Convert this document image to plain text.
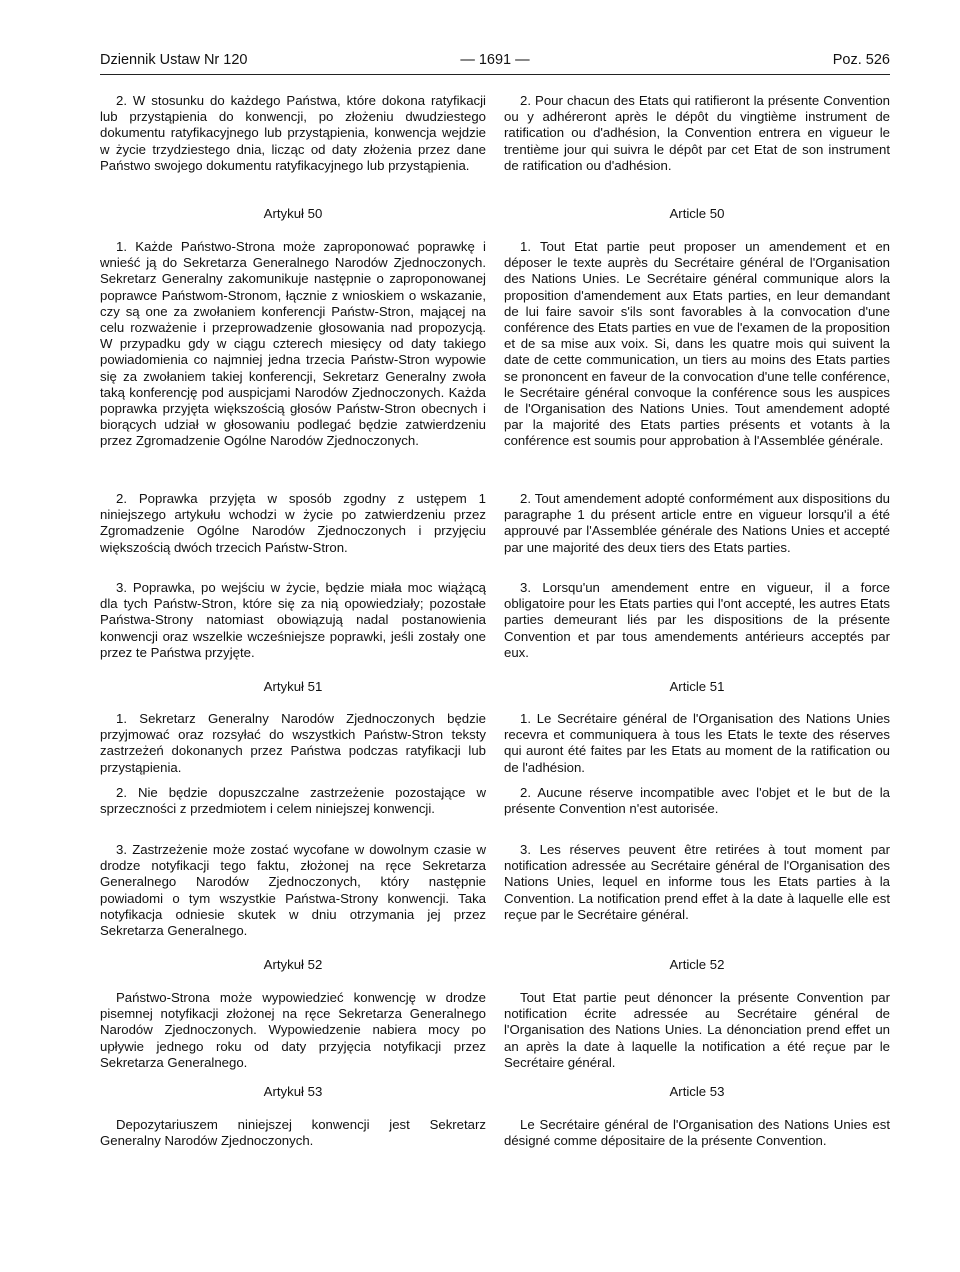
Dziennik Ustaw Nr 120	— 1691 —	Poz. 526

2. W stosunku do każdego Państwa, które dokona ratyfikacji lub przystąpienia do konwencji, po złożeniu dwudziestego dokumentu ratyfikacyjnego lub przystąpienia, konwencja wejdzie w życie trzydziestego dnia, licząc od daty złożenia przez dane Państwo swojego dokumentu ratyfikacyjnego lub przystąpienia.

Artykuł 50

1. Każde Państwo-Strona może zaproponować poprawkę i wnieść ją do Sekretarza Generalnego Narodów Zjednoczonych. Sekretarz Generalny zakomunikuje następnie o zaproponowanej poprawce Państwom-Stronom, łącznie z wnioskiem o wskazanie, czy są one za zwołaniem konferencji Państw-Stron, mającej na celu rozważenie i przeprowadzenie głosowania nad propozycją. W przypadku gdy w ciągu czterech miesięcy od daty takiego powiadomienia co najmniej jedna trzecia Państw-Stron wypowie się za zwołaniem takiej konferencji, Sekretarz Generalny zwoła taką konferencję pod auspicjami Narodów Zjednoczonych. Każda poprawka przyjęta większością głosów Państw-Stron obecnych i biorących udział w głosowaniu podlegać będzie zatwierdzeniu przez Zgromadzenie Ogólne Narodów Zjednoczonych.

2. Poprawka przyjęta w sposób zgodny z ustępem 1 niniejszego artykułu wchodzi w życie po zatwierdzeniu przez Zgromadzenie Ogólne Narodów Zjednoczonych i przyjęciu większością dwóch trzecich Państw-Stron.

3. Poprawka, po wejściu w życie, będzie miała moc wiążącą dla tych Państw-Stron, które się za nią opowiedziały; pozostałe Państwa-Strony natomiast obowiązują nadal postanowienia konwencji oraz wszelkie wcześniejsze poprawki, jeśli zostały one przez te Państwa przyjęte.

Artykuł 51

1. Sekretarz Generalny Narodów Zjednoczonych będzie przyjmować oraz rozsyłać do wszystkich Państw-Stron teksty zastrzeżeń dokonanych przez Państwa podczas ratyfikacji lub przystąpienia.

2. Nie będzie dopuszczalne zastrzeżenie pozostające w sprzeczności z przedmiotem i celem niniejszej konwencji.

3. Zastrzeżenie może zostać wycofane w dowolnym czasie w drodze notyfikacji tego faktu, złożonej na ręce Sekretarza Generalnego Narodów Zjednoczonych, który następnie powiadomi o tym wszystkie Państwa-Strony konwencji. Taka notyfikacja odniesie skutek w dniu otrzymania jej przez Sekretarza Generalnego.

Artykuł 52

Państwo-Strona może wypowiedzieć konwencję w drodze pisemnej notyfikacji złożonej na ręce Sekretarza Generalnego Narodów Zjednoczonych. Wypowiedzenie nabiera mocy po upływie jednego roku od daty przyjęcia notyfikacji przez Sekretarza Generalnego.

Artykuł 53

Depozytariuszem niniejszej konwencji jest Sekretarz Generalny Narodów Zjednoczonych.

2. Pour chacun des Etats qui ratifieront la présente Convention ou y adhéreront après le dépôt du vingtième instrument de ratification ou d'adhésion, la Convention entrera en vigueur le trentième jour qui suivra le dépôt par cet Etat de son instrument de ratification ou d'adhésion.

Article 50

1. Tout Etat partie peut proposer un amendement et en déposer le texte auprès du Secrétaire général de l'Organisation des Nations Unies. Le Secrétaire général communique alors la proposition d'amendement aux Etats parties, en leur demandant de lui faire savoir s'ils sont favorables à la convocation d'une conférence des Etats parties en vue de l'examen de la proposition et de sa mise aux voix. Si, dans les quatre mois qui suivent la date de cette communication, un tiers au moins des Etats parties se prononcent en faveur de la convocation d'une telle conférence, le Secrétaire général convoque la conférence sous les auspices de l'Organisation des Nations Unies. Tout amendement adopté par la majorité des Etats parties présents et votants à la conférence est soumis pour approbation à l'Assemblée générale.

2. Tout amendement adopté conformément aux dispositions du paragraphe 1 du présent article entre en vigueur lorsqu'il a été approuvé par l'Assemblée générale des Nations Unies et accepté par une majorité des deux tiers des Etats parties.

3. Lorsqu'un amendement entre en vigueur, il a force obligatoire pour les Etats parties qui l'ont accepté, les autres Etats parties demeurant liés par les dispositions de la présente Convention et par tous amendements antérieurs acceptés par eux.

Article 51

1. Le Secrétaire général de l'Organisation des Nations Unies recevra et communiquera à tous les Etats le texte des réserves qui auront été faites par les Etats au moment de la ratification ou de l'adhésion.

2. Aucune réserve incompatible avec l'objet et le but de la présente Convention n'est autorisée.

3. Les réserves peuvent être retirées à tout moment par notification adressée au Secrétaire général de l'Organisation des Nations Unies, lequel en informe tous les Etats parties à la Convention. La notification prend effet à la date à laquelle elle est reçue par le Secrétaire général.

Article 52

Tout Etat partie peut dénoncer la présente Convention par notification écrite adressée au Secrétaire général de l'Organisation des Nations Unies. La dénonciation prend effet un an après la date à laquelle la notification a été reçue par le Secrétaire général.

Article 53

Le Secrétaire général de l'Organisation des Nations Unies est désigné comme dépositaire de la présente Convention.
